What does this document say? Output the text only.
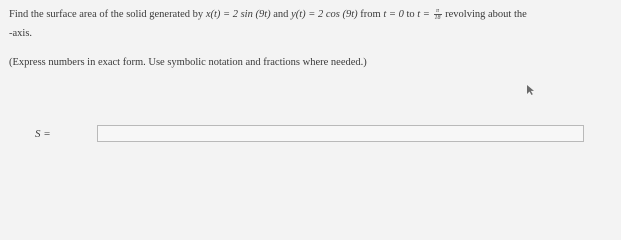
Find the surface area of the solid generated by x(t) = 2 sin (9t) and y(t) = 2 cos (9t) from t = 0 to $t = \frac{\pi}{18}$ revolving about the
-axis.
(Express numbers in exact form. Use symbolic notation and fractions where needed.)
S =
